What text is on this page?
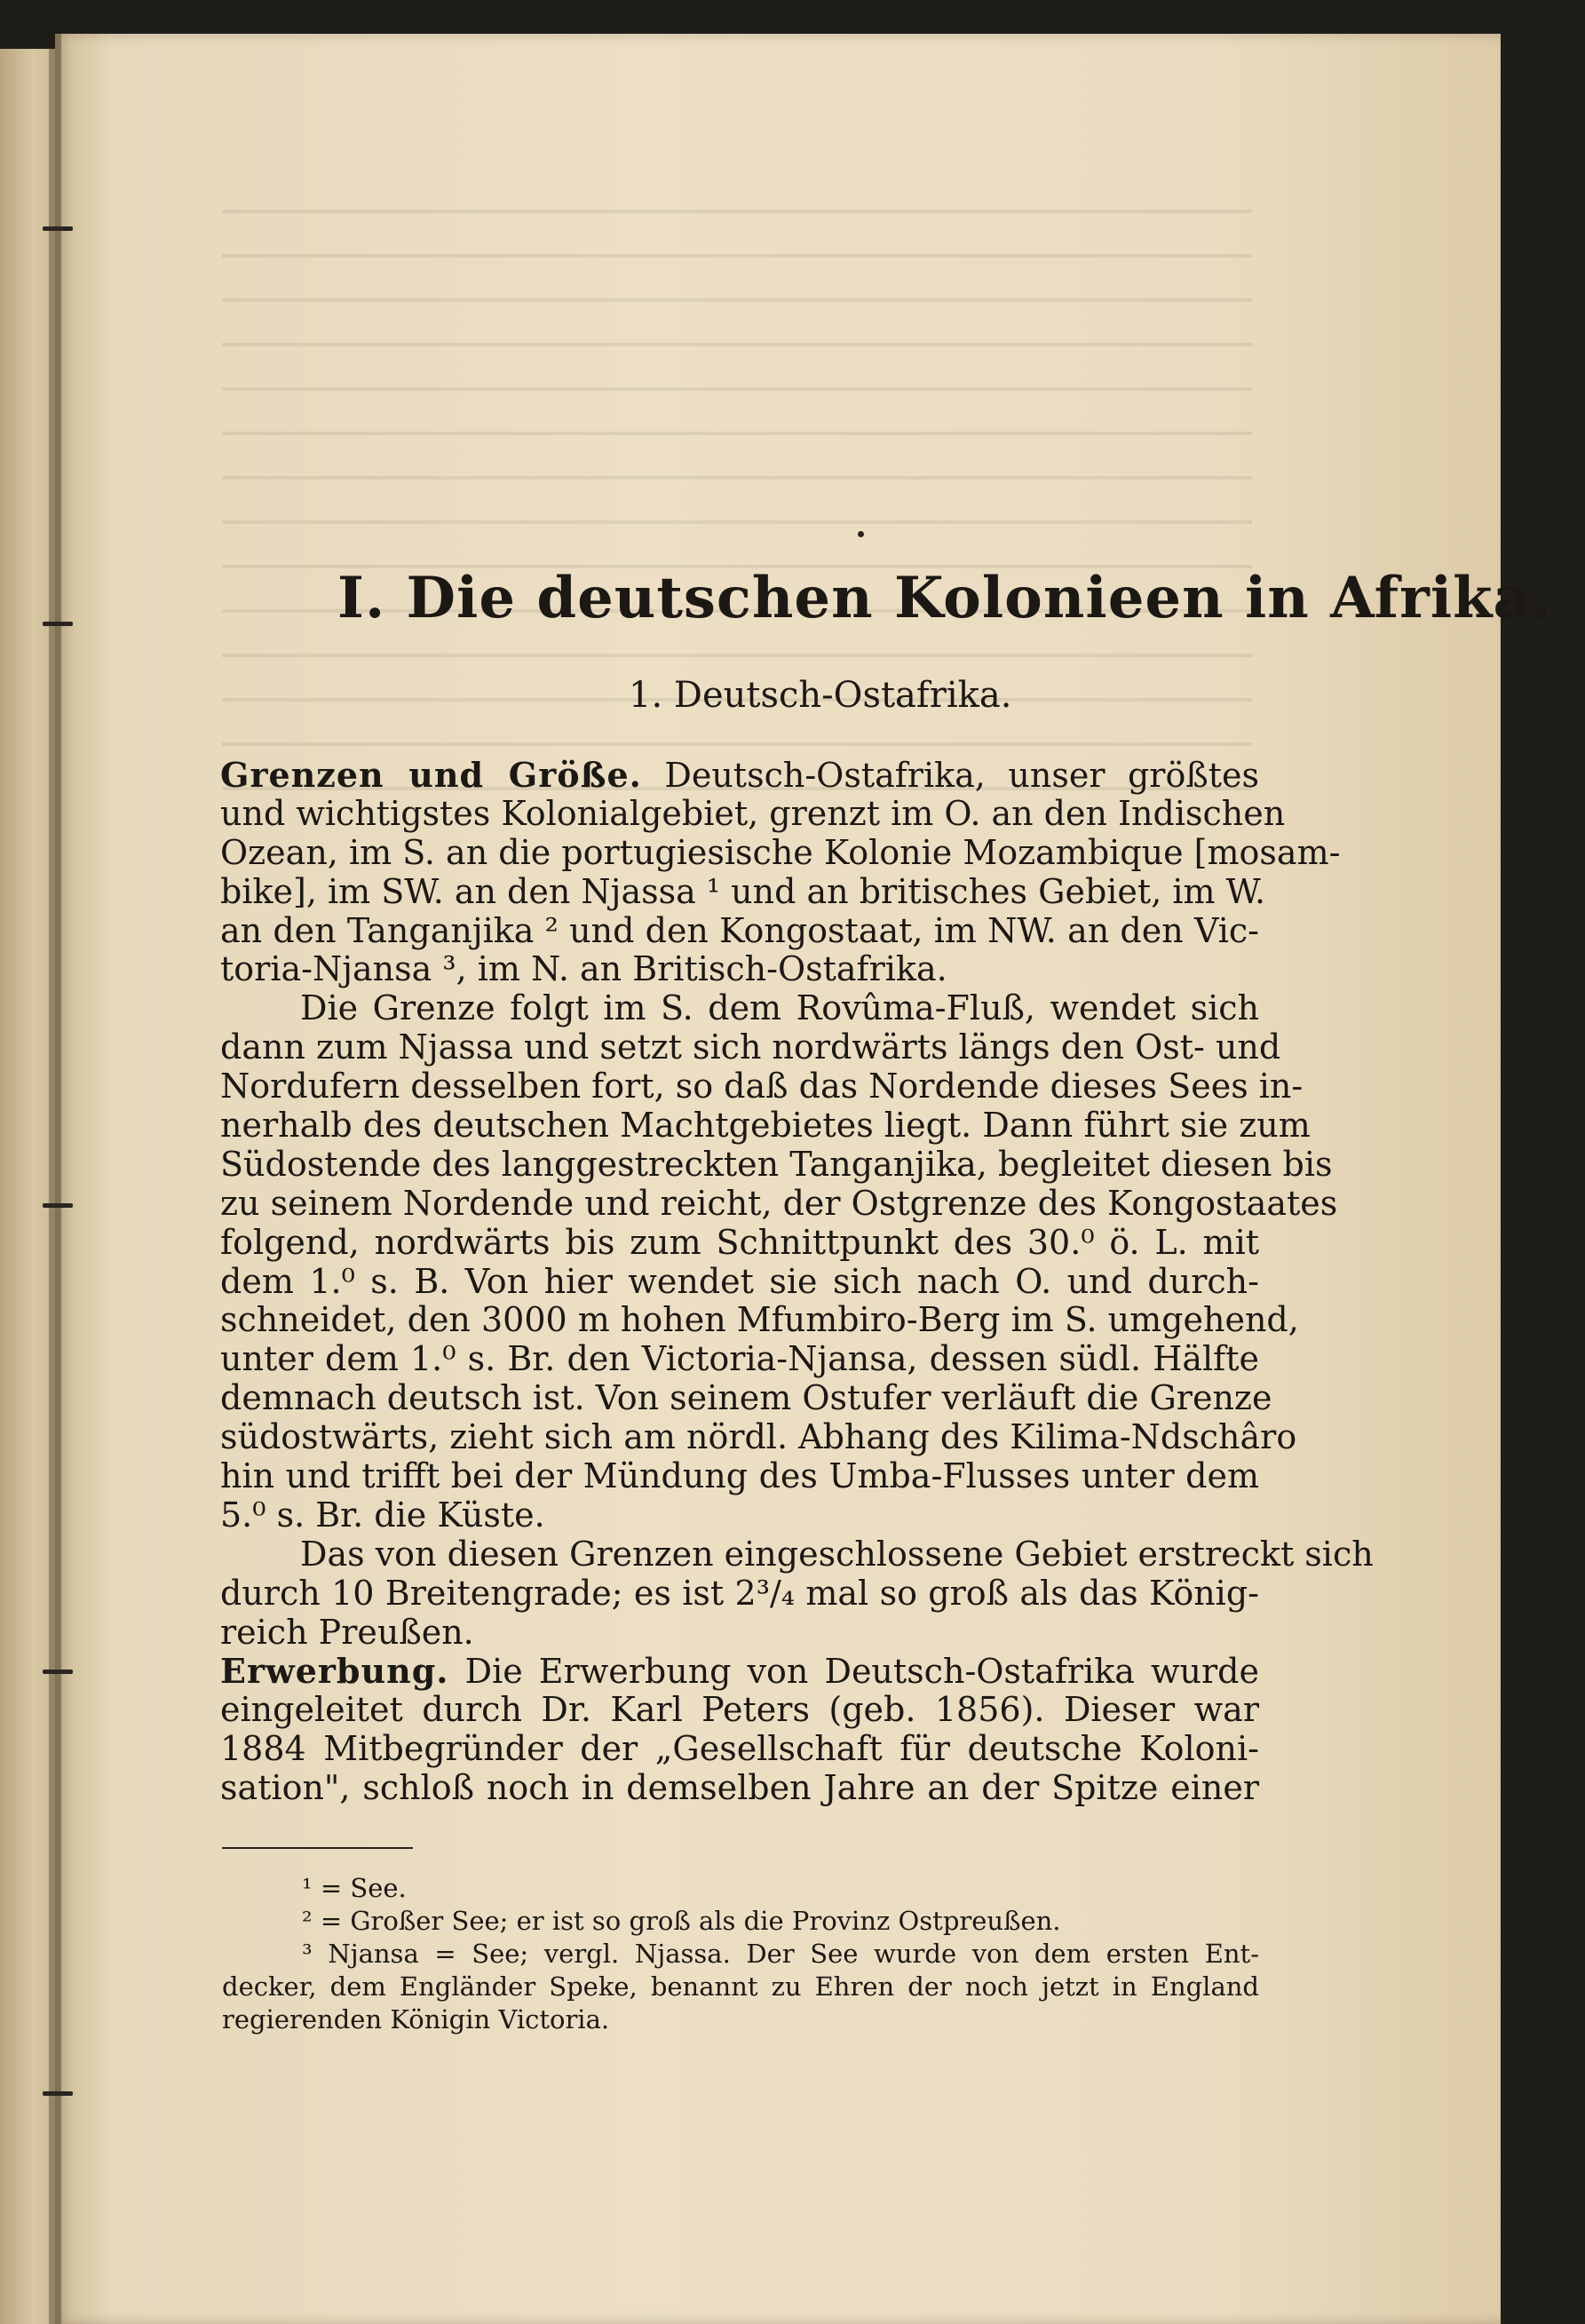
I. Die deutschen Kolonieen in Afrika.
1. Deutsch-Ostafrika.
Grenzen und Größe. Deutsch-Ostafrika, unser größtes
und wichtigstes Kolonialgebiet, grenzt im O. an den Indischen
Ozean, im S. an die portugiesische Kolonie Mozambique [mosam-
bike], im SW. an den Njassa ¹ und an britisches Gebiet, im W.
an den Tanganjika ² und den Kongostaat, im NW. an den Vic-
toria-Njansa ³, im N. an Britisch-Ostafrika.
Die Grenze folgt im S. dem Rovûma-Fluß, wendet sich
dann zum Njassa und setzt sich nordwärts längs den Ost- und
Nordufern desselben fort, so daß das Nordende dieses Sees in-
nerhalb des deutschen Machtgebietes liegt. Dann führt sie zum
Südostende des langgestreckten Tanganjika, begleitet diesen bis
zu seinem Nordende und reicht, der Ostgrenze des Kongostaates
folgend, nordwärts bis zum Schnittpunkt des 30.⁰ ö. L. mit
dem 1.⁰ s. B. Von hier wendet sie sich nach O. und durch-
schneidet, den 3000 m hohen Mfumbiro-Berg im S. umgehend,
unter dem 1.⁰ s. Br. den Victoria-Njansa, dessen südl. Hälfte
demnach deutsch ist. Von seinem Ostufer verläuft die Grenze
südostwärts, zieht sich am nördl. Abhang des Kilima-Ndschâro
hin und trifft bei der Mündung des Umba-Flusses unter dem
5.⁰ s. Br. die Küste.
Das von diesen Grenzen eingeschlossene Gebiet erstreckt sich
durch 10 Breitengrade; es ist 2³/₄ mal so groß als das König-
reich Preußen.
Erwerbung. Die Erwerbung von Deutsch-Ostafrika wurde
eingeleitet durch Dr. Karl Peters (geb. 1856). Dieser war
1884 Mitbegründer der „Gesellschaft für deutsche Koloni-
sation", schloß noch in demselben Jahre an der Spitze einer
¹ = See.
² = Großer See; er ist so groß als die Provinz Ostpreußen.
³ Njansa = See; vergl. Njassa. Der See wurde von dem ersten Ent-
decker, dem Engländer Speke, benannt zu Ehren der noch jetzt in England
regierenden Königin Victoria.
